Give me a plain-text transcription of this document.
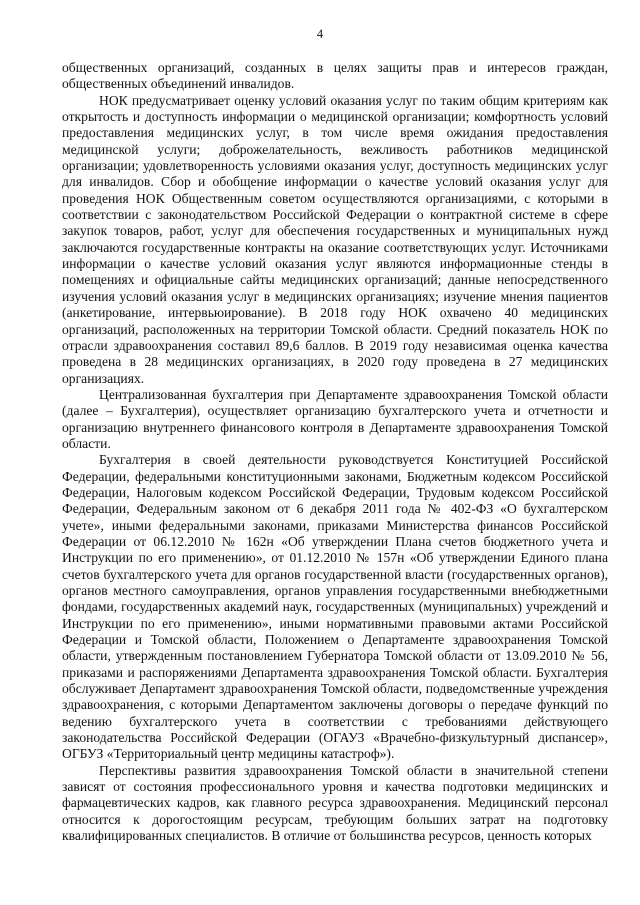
4

общественных организаций, созданных в целях защиты прав и интересов граждан, общественных объединений инвалидов.

НОК предусматривает оценку условий оказания услуг по таким общим критериям как открытость и доступность информации о медицинской организации; комфортность условий предоставления медицинских услуг, в том числе время ожидания предоставления медицинской услуги; доброжелательность, вежливость работников медицинской организации; удовлетворенность условиями оказания услуг, доступность медицинских услуг для инвалидов. Сбор и обобщение информации о качестве условий оказания услуг для проведения НОК Общественным советом осуществляются организациями, с которыми в соответствии с законодательством Российской Федерации о контрактной системе в сфере закупок товаров, работ, услуг для обеспечения государственных и муниципальных нужд заключаются государственные контракты на оказание соответствующих услуг. Источниками информации о качестве условий оказания услуг являются информационные стенды в помещениях и официальные сайты медицинских организаций; данные непосредственного изучения условий оказания услуг в медицинских организациях; изучение мнения пациентов (анкетирование, интервьюирование). В 2018 году НОК охвачено 40 медицинских организаций, расположенных на территории Томской области. Средний показатель НОК по отрасли здравоохранения составил 89,6 баллов. В 2019 году независимая оценка качества проведена в 28 медицинских организациях, в 2020 году проведена в 27 медицинских организациях.

Централизованная бухгалтерия при Департаменте здравоохранения Томской области (далее – Бухгалтерия), осуществляет организацию бухгалтерского учета и отчетности и организацию внутреннего финансового контроля в Департаменте здравоохранения Томской области.

Бухгалтерия в своей деятельности руководствуется Конституцией Российской Федерации, федеральными конституционными законами, Бюджетным кодексом Российской Федерации, Налоговым кодексом Российской Федерации, Трудовым кодексом Российской Федерации, Федеральным законом от 6 декабря 2011 года № 402-ФЗ «О бухгалтерском учете», иными федеральными законами, приказами Министерства финансов Российской Федерации от 06.12.2010 № 162н «Об утверждении Плана счетов бюджетного учета и Инструкции по его применению», от 01.12.2010 № 157н «Об утверждении Единого плана счетов бухгалтерского учета для органов государственной власти (государственных органов), органов местного самоуправления, органов управления государственными внебюджетными фондами, государственных академий наук, государственных (муниципальных) учреждений и Инструкции по его применению», иными нормативными правовыми актами Российской Федерации и Томской области, Положением о Департаменте здравоохранения Томской области, утвержденным постановлением Губернатора Томской области от 13.09.2010 № 56, приказами и распоряжениями Департамента здравоохранения Томской области. Бухгалтерия обслуживает Департамент здравоохранения Томской области, подведомственные учреждения здравоохранения, с которыми Департаментом заключены договоры о передаче функций по ведению бухгалтерского учета в соответствии с требованиями действующего законодательства Российской Федерации (ОГАУЗ «Врачебно-физкультурный диспансер», ОГБУЗ «Территориальный центр медицины катастроф»).

Перспективы развития здравоохранения Томской области в значительной степени зависят от состояния профессионального уровня и качества подготовки медицинских и фармацевтических кадров, как главного ресурса здравоохранения. Медицинский персонал относится к дорогостоящим ресурсам, требующим больших затрат на подготовку квалифицированных специалистов. В отличие от большинства ресурсов, ценность которых
